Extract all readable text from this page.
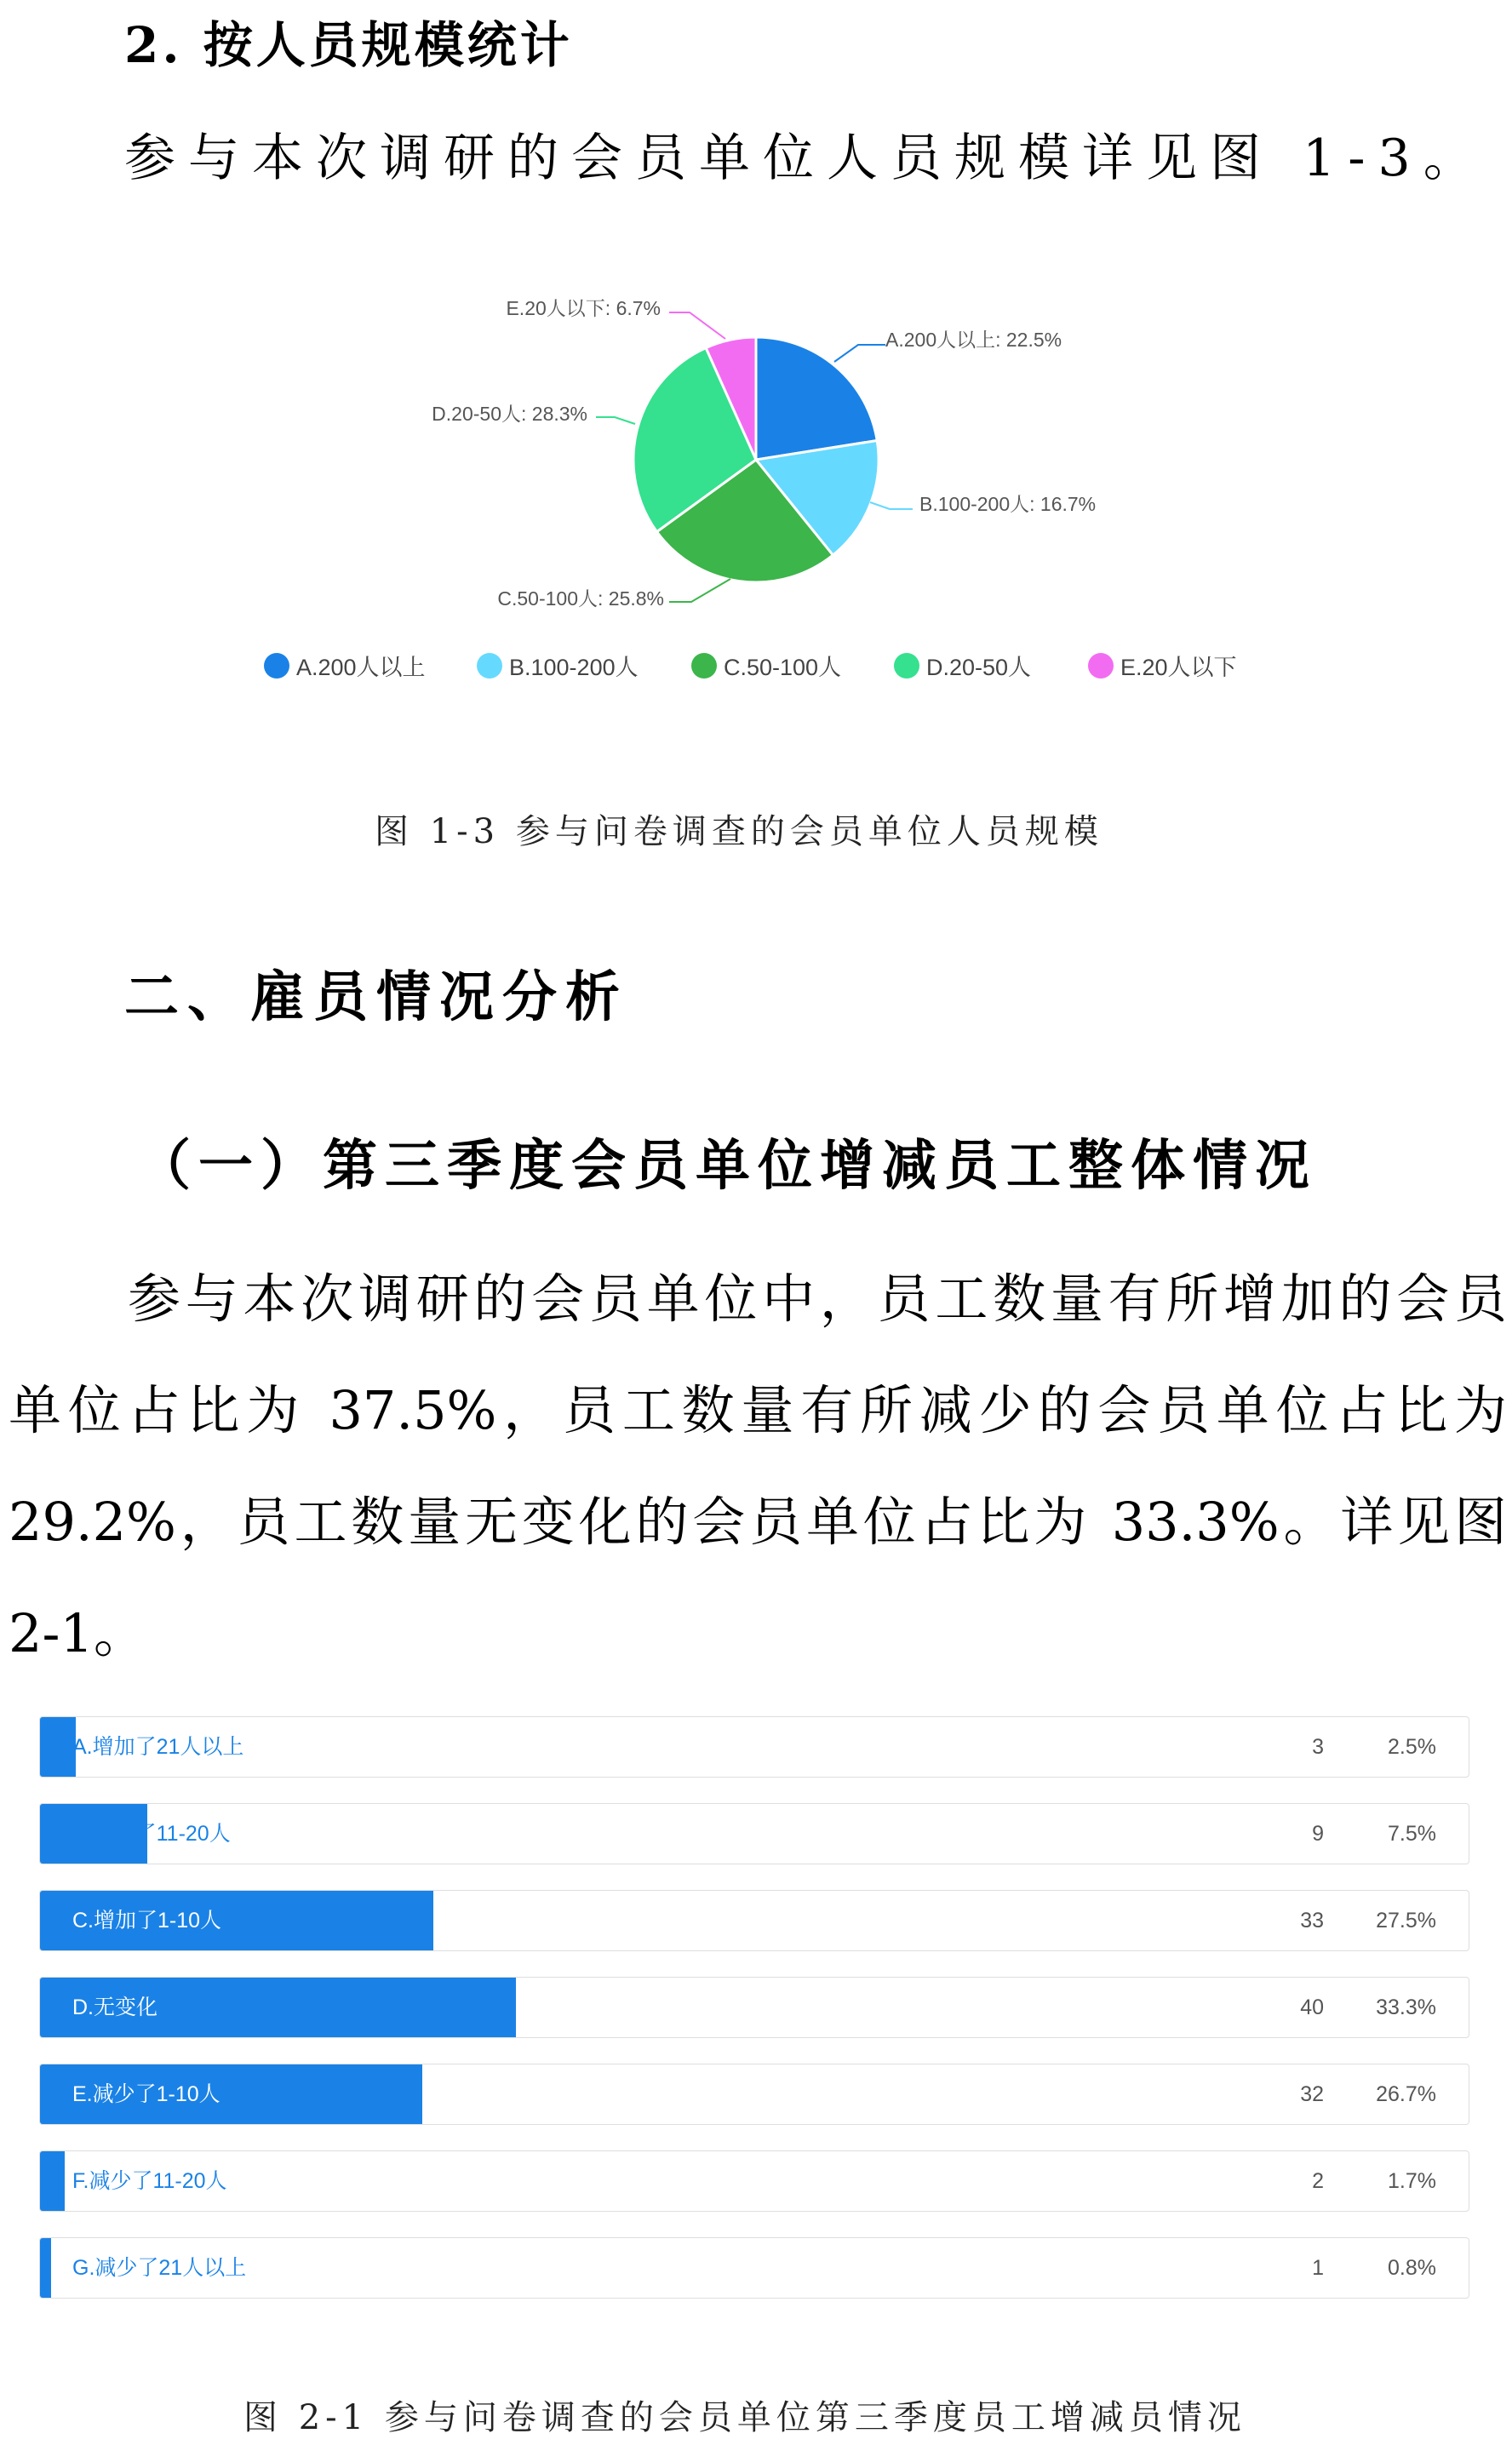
2. 按人员规模统计
参与本次调研的会员单位人员规模详见图 1-3。
A.200人以上: 22.5%
B.100-200人: 16.7%
C.50-100人: 25.8%
D.20-50人: 28.3%
E.20人以下: 6.7%
A.200人以上	B.100-200人	C.50-100人	D.20-50人	E.20人以下
图 1-3 参与问卷调查的会员单位人员规模
二、雇员情况分析
（一）第三季度会员单位增减员工整体情况
参与本次调研的会员单位中，员工数量有所增加的会员
单位占比为 37.5%，员工数量有所减少的会员单位占比为
29.2%，员工数量无变化的会员单位占比为 33.3%。详见图
2-1。
A.增加了21人以上	3	2.5%
B.增加了11-20人	9	7.5%
C.增加了1-10人	33 27.5%
D.无变化	40 33.3%
E.减少了1-10人	32 26.7%
F.减少了11-20人	2	1.7%
G.减少了21人以上	1	0.8%
图 2-1 参与问卷调查的会员单位第三季度员工增减员情况
